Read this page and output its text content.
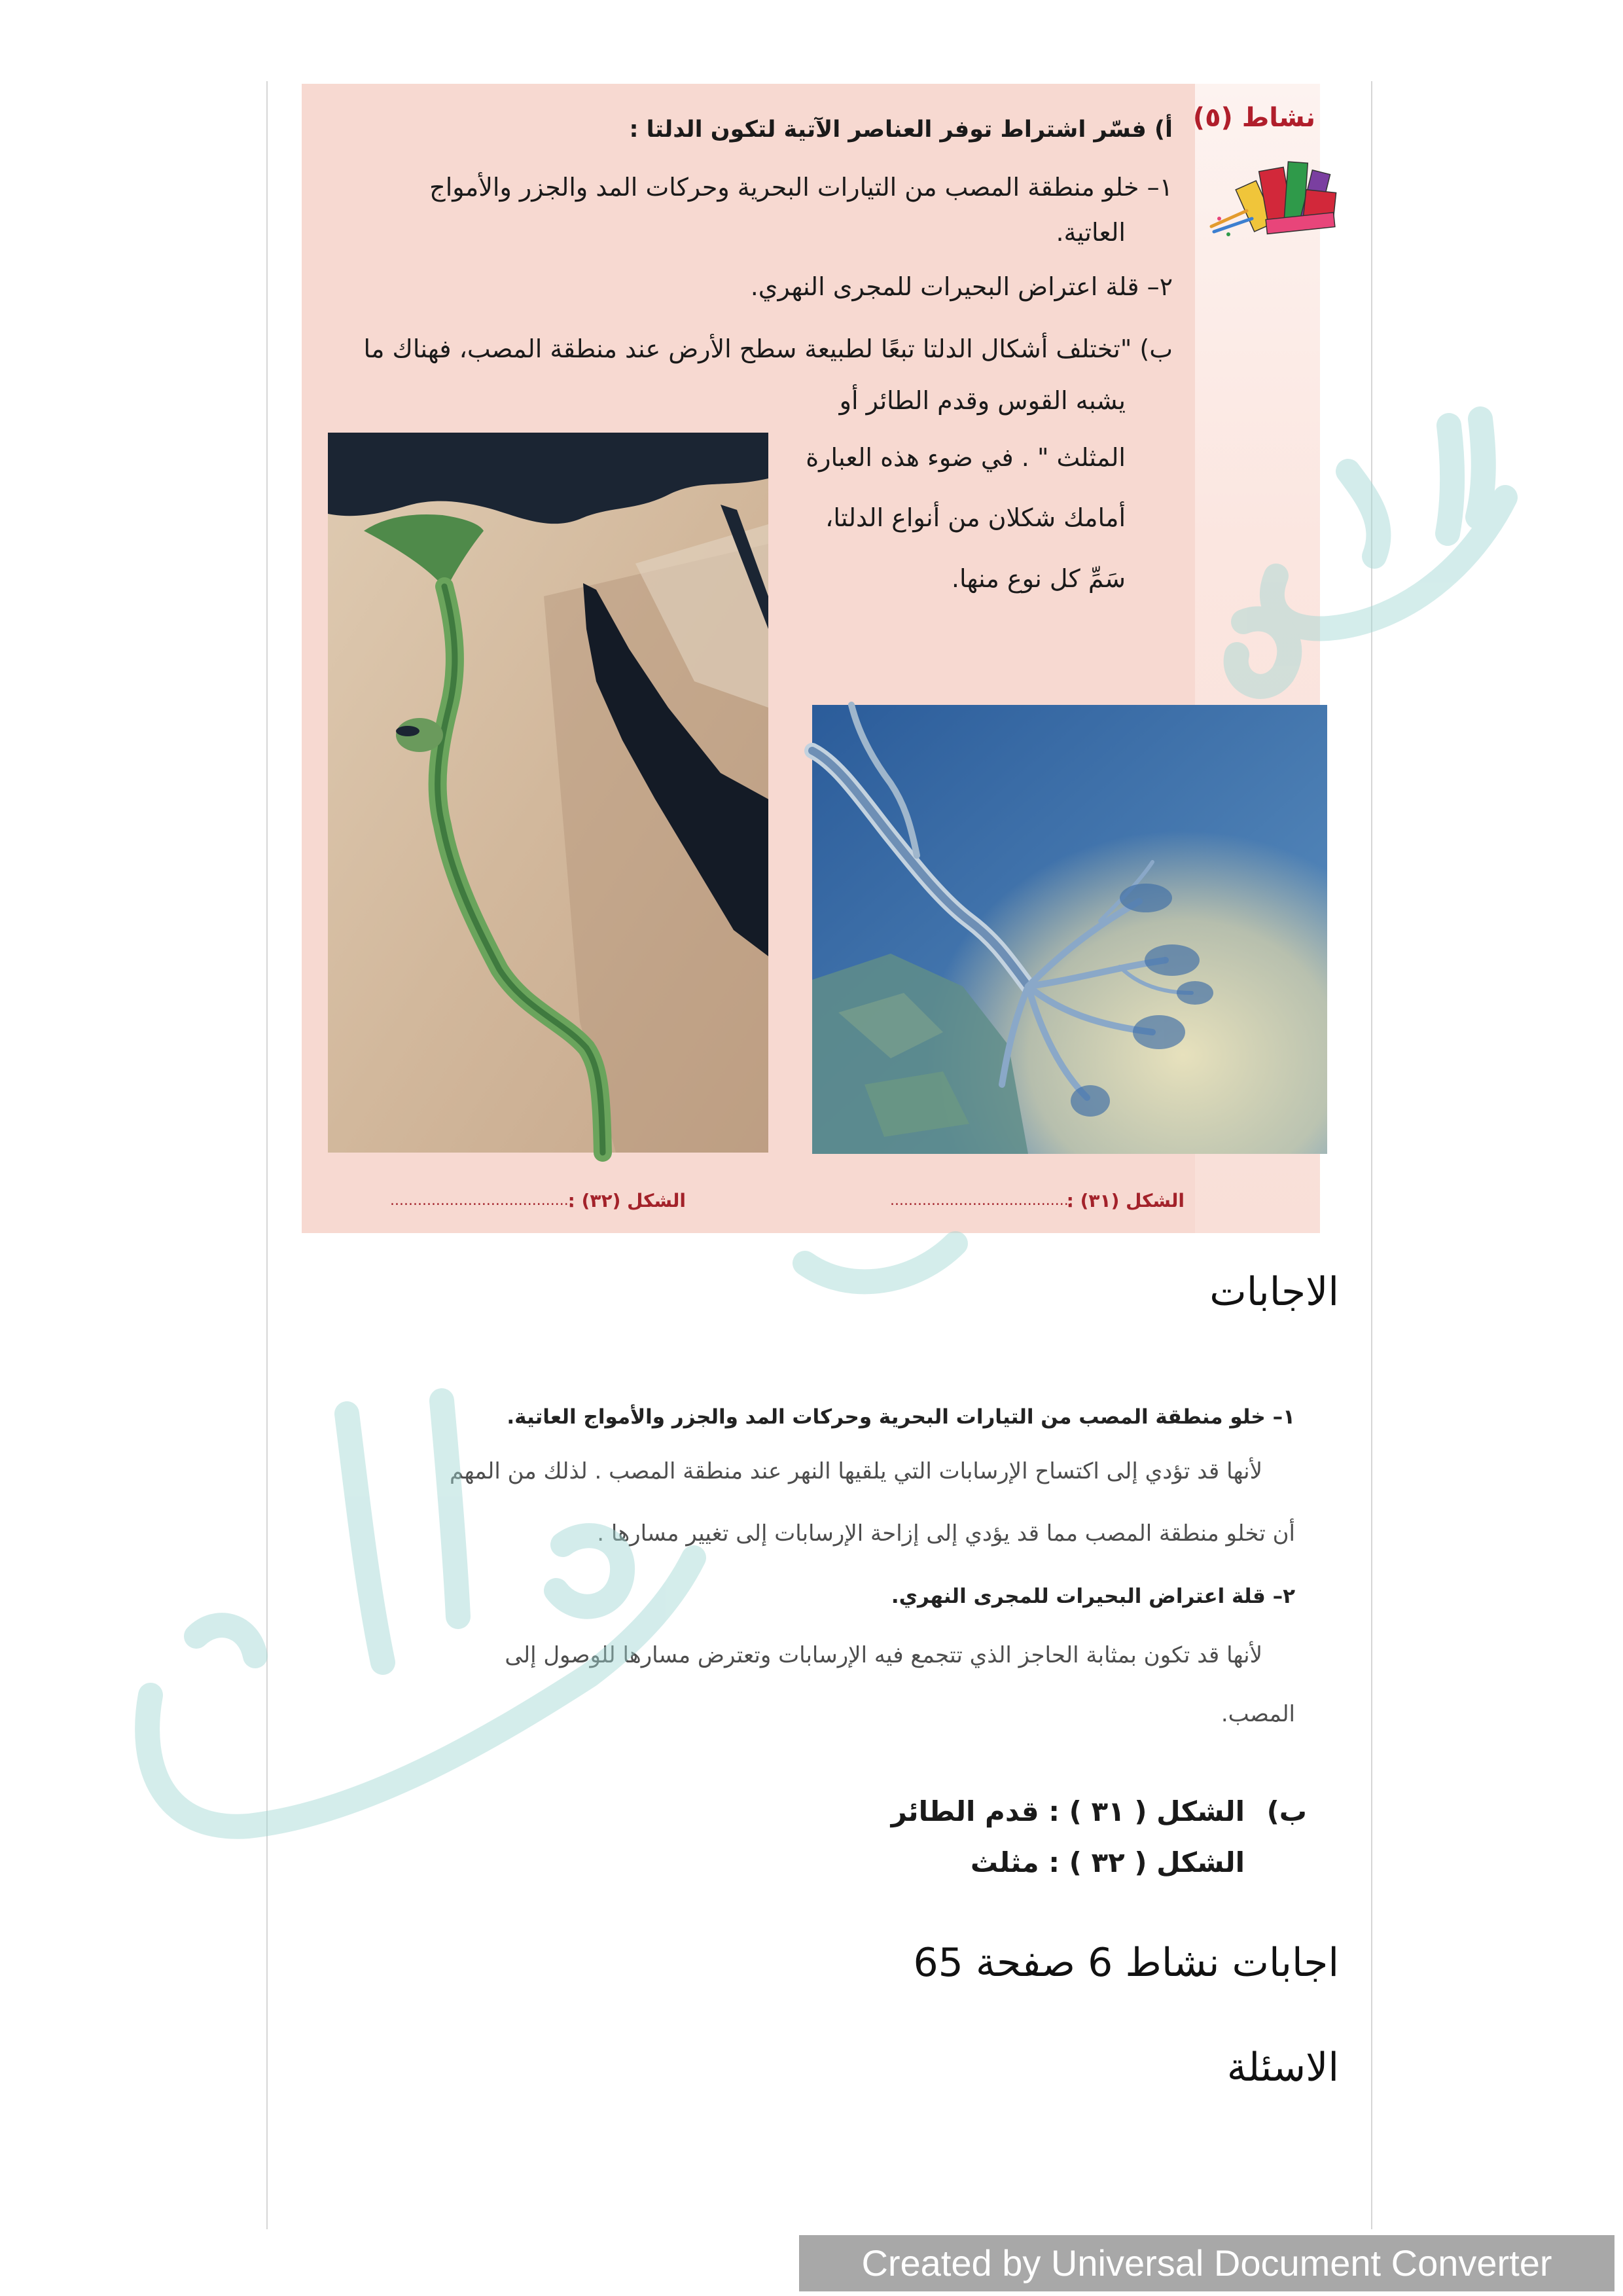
نشاط (٥)
أ) فسّر اشتراط توفر العناصر الآتية لتكون الدلتا :
١– خلو منطقة المصب من التيارات البحرية وحركات المد والجزر والأمواج
العاتية.
٢– قلة اعتراض البحيرات للمجرى النهري.
ب) "تختلف أشكال الدلتا تبعًا لطبيعة سطح الأرض عند منطقة المصب، فهناك ما
يشبه القوس وقدم الطائر أو
المثلث " . في ضوء هذه العبارة
أمامك شكلان من أنواع الدلتا،
سَمِّ كل نوع منها.
الشكل (٣١) :
........................................
الشكل (٣٢) :
........................................
الاجابات
١– خلو منطقة المصب من التيارات البحرية وحركات المد والجزر والأمواج العاتية.
لأنها قد تؤدي إلى اكتساح الإرسابات التي يلقيها النهر عند منطقة المصب . لذلك من المهم
أن تخلو منطقة المصب مما قد يؤدي إلى إزاحة الإرسابات إلى تغيير مسارها .
٢– قلة اعتراض البحيرات للمجرى النهري.
لأنها قد تكون بمثابة الحاجز الذي تتجمع فيه الإرسابات وتعترض مسارها للوصول إلى
المصب.
ب)
الشكل ( ٣١ ) : قدم الطائر
الشكل ( ٣٢ ) : مثلث
اجابات نشاط 6 صفحة 65
الاسئلة
Created by Universal Document Converter
